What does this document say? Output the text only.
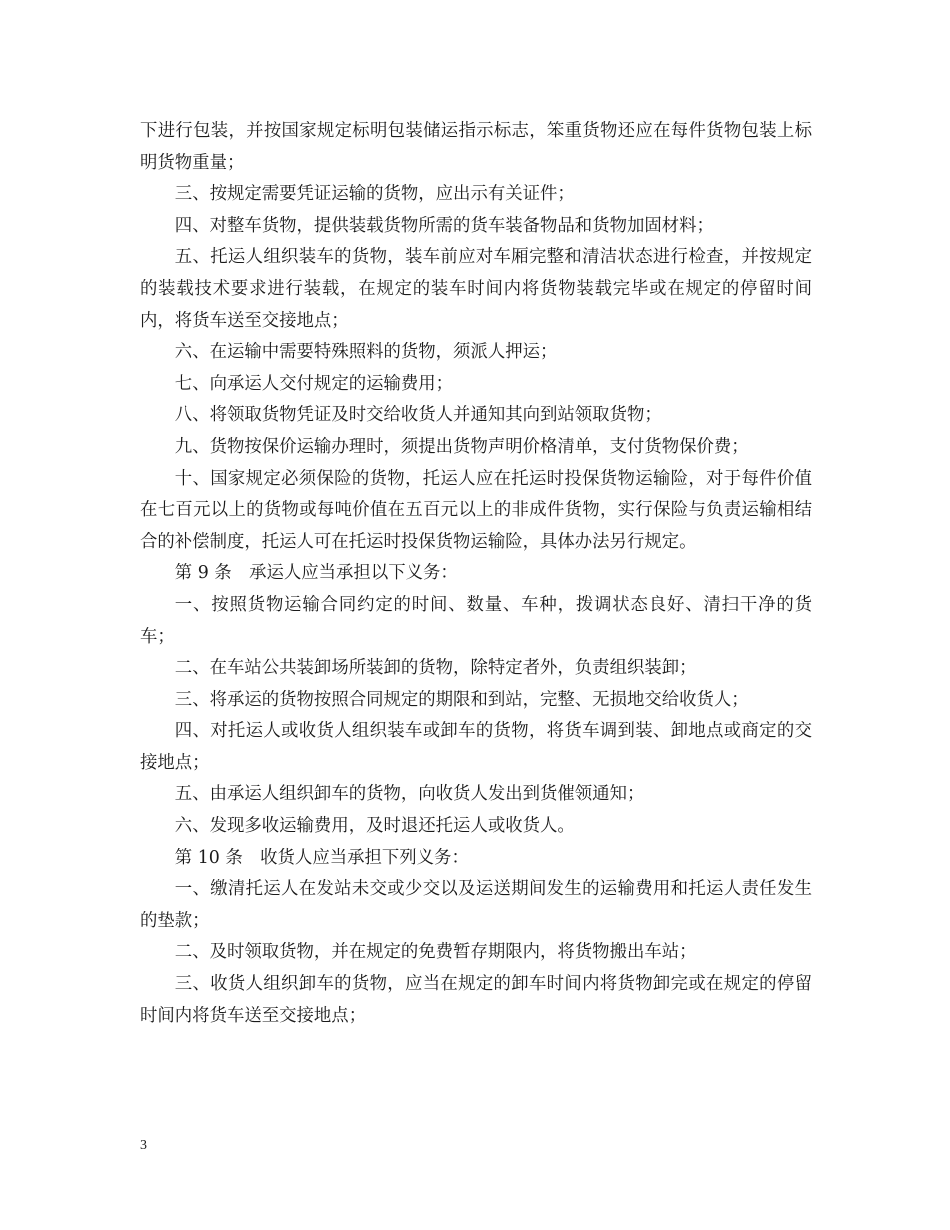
下进行包装，并按国家规定标明包装储运指示标志，笨重货物还应在每件货物包装上标明货物重量；

三、按规定需要凭证运输的货物，应出示有关证件；

四、对整车货物，提供装载货物所需的货车装备物品和货物加固材料；

五、托运人组织装车的货物，装车前应对车厢完整和清洁状态进行检查，并按规定的装载技术要求进行装载，在规定的装车时间内将货物装载完毕或在规定的停留时间内，将货车送至交接地点；

六、在运输中需要特殊照料的货物，须派人押运；

七、向承运人交付规定的运输费用；

八、将领取货物凭证及时交给收货人并通知其向到站领取货物；

九、货物按保价运输办理时，须提出货物声明价格清单，支付货物保价费；

十、国家规定必须保险的货物，托运人应在托运时投保货物运输险，对于每件价值在七百元以上的货物或每吨价值在五百元以上的非成件货物，实行保险与负责运输相结合的补偿制度，托运人可在托运时投保货物运输险，具体办法另行规定。

第 9 条　承运人应当承担以下义务：

一、按照货物运输合同约定的时间、数量、车种，拨调状态良好、清扫干净的货车；

二、在车站公共装卸场所装卸的货物，除特定者外，负责组织装卸；

三、将承运的货物按照合同规定的期限和到站，完整、无损地交给收货人；

四、对托运人或收货人组织装车或卸车的货物，将货车调到装、卸地点或商定的交接地点；

五、由承运人组织卸车的货物，向收货人发出到货催领通知；

六、发现多收运输费用，及时退还托运人或收货人。

第 10 条　收货人应当承担下列义务：

一、缴清托运人在发站未交或少交以及运送期间发生的运输费用和托运人责任发生的垫款；

二、及时领取货物，并在规定的免费暂存期限内，将货物搬出车站；

三、收货人组织卸车的货物，应当在规定的卸车时间内将货物卸完或在规定的停留时间内将货车送至交接地点；

3
